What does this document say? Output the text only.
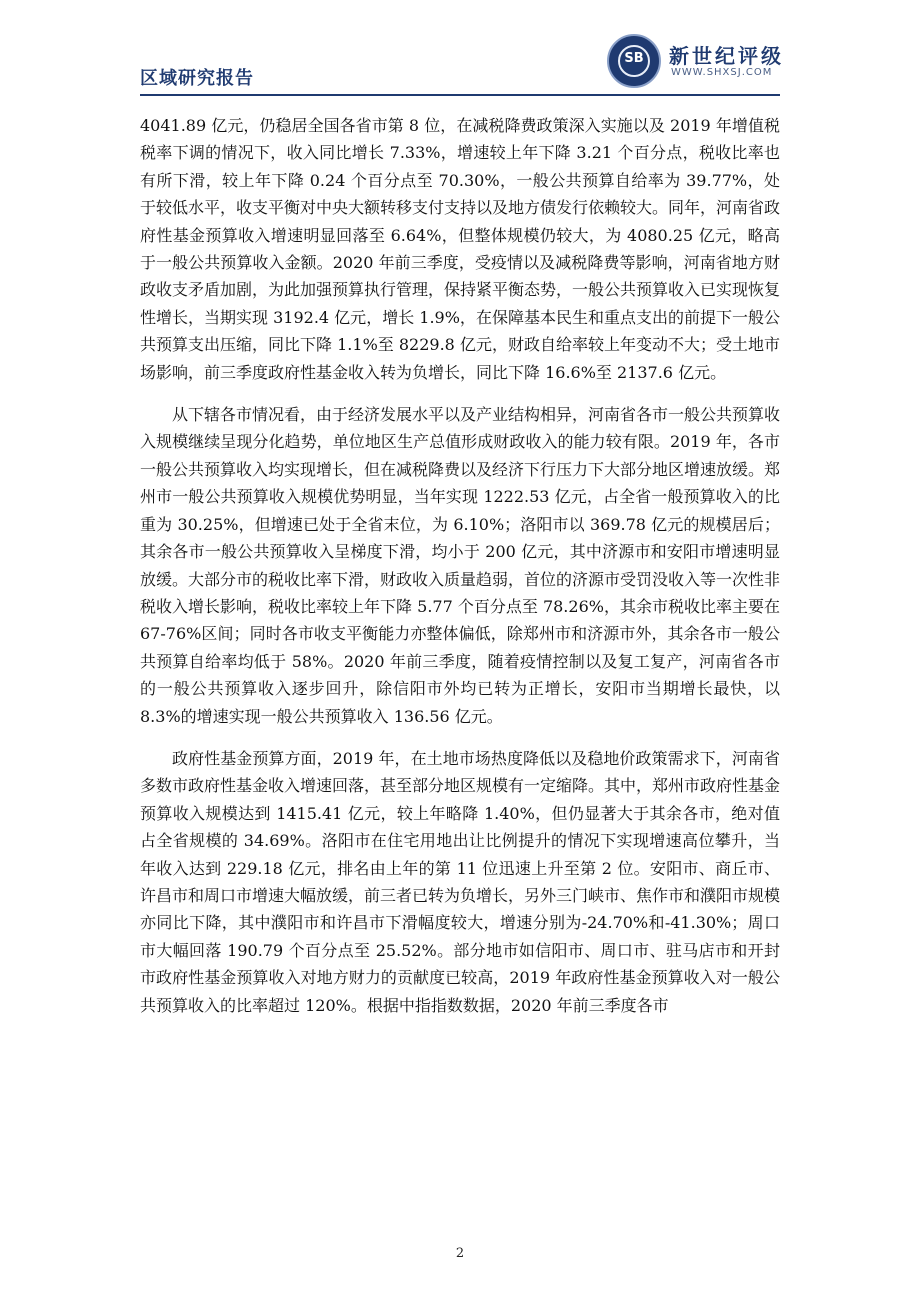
区域研究报告
SB	新世纪评级
WWW.SHXSJ.COM

4041.89 亿元，仍稳居全国各省市第 8 位，在减税降费政策深入实施以及 2019 年增值税税率下调的情况下，收入同比增长 7.33%，增速较上年下降 3.21 个百分点，税收比率也有所下滑，较上年下降 0.24 个百分点至 70.30%，一般公共预算自给率为 39.77%，处于较低水平，收支平衡对中央大额转移支付支持以及地方债发行依赖较大。同年，河南省政府性基金预算收入增速明显回落至 6.64%，但整体规模仍较大，为 4080.25 亿元，略高于一般公共预算收入金额。2020 年前三季度，受疫情以及减税降费等影响，河南省地方财政收支矛盾加剧，为此加强预算执行管理，保持紧平衡态势，一般公共预算收入已实现恢复性增长，当期实现 3192.4 亿元，增长 1.9%，在保障基本民生和重点支出的前提下一般公共预算支出压缩，同比下降 1.1%至 8229.8 亿元，财政自给率较上年变动不大；受土地市场影响，前三季度政府性基金收入转为负增长，同比下降 16.6%至 2137.6 亿元。

从下辖各市情况看，由于经济发展水平以及产业结构相异，河南省各市一般公共预算收入规模继续呈现分化趋势，单位地区生产总值形成财政收入的能力较有限。2019 年，各市一般公共预算收入均实现增长，但在减税降费以及经济下行压力下大部分地区增速放缓。郑州市一般公共预算收入规模优势明显，当年实现 1222.53 亿元，占全省一般预算收入的比重为 30.25%，但增速已处于全省末位，为 6.10%；洛阳市以 369.78 亿元的规模居后；其余各市一般公共预算收入呈梯度下滑，均小于 200 亿元，其中济源市和安阳市增速明显放缓。大部分市的税收比率下滑，财政收入质量趋弱，首位的济源市受罚没收入等一次性非税收入增长影响，税收比率较上年下降 5.77 个百分点至 78.26%，其余市税收比率主要在 67-76%区间；同时各市收支平衡能力亦整体偏低，除郑州市和济源市外，其余各市一般公共预算自给率均低于 58%。2020 年前三季度，随着疫情控制以及复工复产，河南省各市的一般公共预算收入逐步回升，除信阳市外均已转为正增长，安阳市当期增长最快，以 8.3%的增速实现一般公共预算收入 136.56 亿元。

政府性基金预算方面，2019 年，在土地市场热度降低以及稳地价政策需求下，河南省多数市政府性基金收入增速回落，甚至部分地区规模有一定缩降。其中，郑州市政府性基金预算收入规模达到 1415.41 亿元，较上年略降 1.40%，但仍显著大于其余各市，绝对值占全省规模的 34.69%。洛阳市在住宅用地出让比例提升的情况下实现增速高位攀升，当年收入达到 229.18 亿元，排名由上年的第 11 位迅速上升至第 2 位。安阳市、商丘市、许昌市和周口市增速大幅放缓，前三者已转为负增长，另外三门峡市、焦作市和濮阳市规模亦同比下降，其中濮阳市和许昌市下滑幅度较大，增速分别为-24.70%和-41.30%；周口市大幅回落 190.79 个百分点至 25.52%。部分地市如信阳市、周口市、驻马店市和开封市政府性基金预算收入对地方财力的贡献度已较高，2019 年政府性基金预算收入对一般公共预算收入的比率超过 120%。根据中指指数数据，2020 年前三季度各市

2
